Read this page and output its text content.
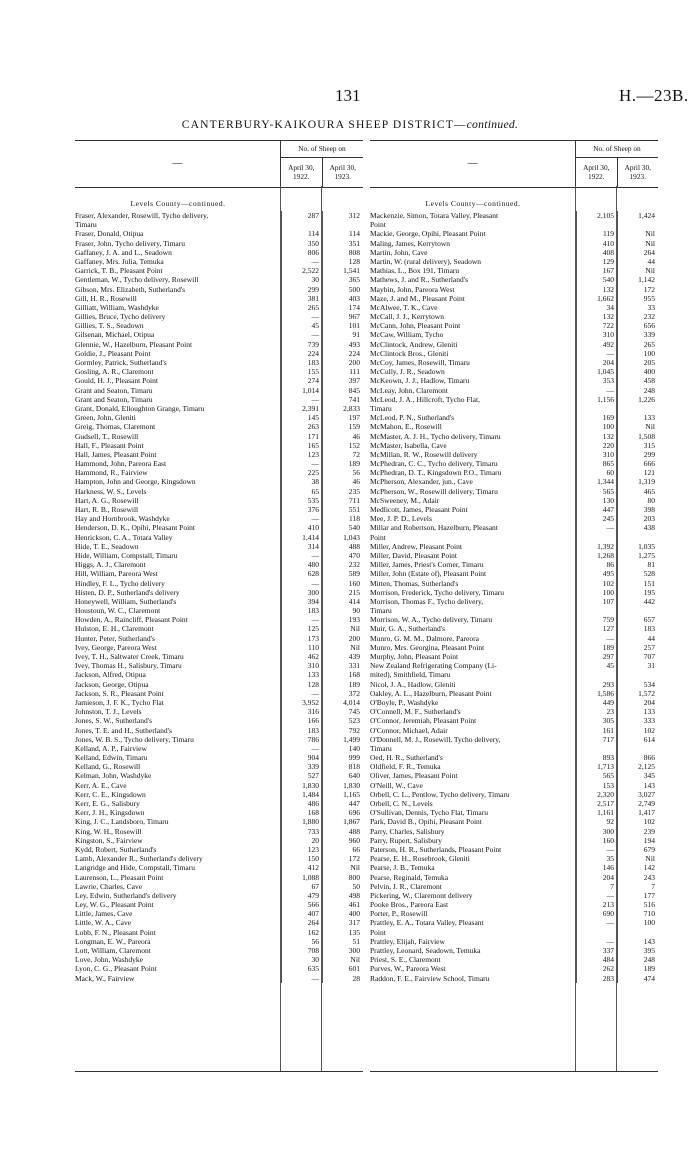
131	H.—23B.
CANTERBURY-KAIKOURA SHEEP DISTRICT—continued.
—
No. of Sheep on
April 30, 1922.
April 30, 1923.
Levels County—continued.
Fraser, Alexander, Rosewill, Tycho delivery,	287	312
Timaru
Fraser, Donald, Otipua	114	114
Fraser, John, Tycho delivery, Timaru	350	351
Gaffaney, J. A. and L., Seadown	806	808
Gaffaney, Mrs. Julia, Temuka	—	128
Garrick, T. B., Pleasant Point	2,522	1,541
Gentleman, W., Tycho delivery, Rosewill	30	365
Gibson, Mrs. Elizabeth, Sutherland's	299	500
Gill, H. R., Rosewill	381	403
Gilliatt, William, Washdyke	265	174
Gillies, Bruce, Tycho delivery	—	967
Gillies, T. S., Seadown	45	101
Gilsenan, Michael, Otipua	—	91
Glennie, W., Hazelburn, Pleasant Point	739	493
Goldie, J., Pleasant Point	224	224
Gormley, Patrick, Sutherland's	183	200
Gosling, A. R., Claremont	155	111
Gould, H. J., Pleasant Point	274	397
Grant and Seaton, Timaru	1,014	845
Grant and Seaton, Timaru	—	741
Grant, Donald, Elloughton Grange, Timaru	2,391	2,833
Green, John, Gleniti	145	197
Greig, Thomas, Claremont	263	159
Gudsell, T., Rosewill	171	46
Hall, F., Pleasant Point	165	152
Hall, James, Pleasant Point	123	72
Hammond, John, Pareora East	—	189
Hammond, R., Fairview	225	56
Hampton, John and George, Kingsdown	38	46
Harkness, W. S., Levels	65	235
Hart, A. G., Rosewill	535	711
Hart, R. B., Rosewill	376	551
Hay and Hornbrook, Washdyke	—	118
Henderson, D. K., Opihi, Pleasant Point	410	540
Henrickson, C. A., Totara Valley	1,414	1,043
Hide, T. E., Seadown	314	488
Hide, William, Compstall, Timaru	—	470
Higgs, A. J., Claremont	480	232
Hill, William, Pareora West	628	589
Hindley, F. L., Tycho delivery	—	160
Histen, D. P., Sutherland's delivery	300	215
Honeywell, William, Sutherland's	394	414
Houstoun, W. C., Claremont	183	90
Howden, A., Raincliff, Pleasant Point	—	193
Hulston, E. H., Claremont	125	Nil
Hunter, Peter, Sutherland's	173	200
Ivey, George, Pareora West	110	Nil
Ivey, T. H., Saltwater Creek, Timaru	462	439
Ivey, Thomas H., Salisbury, Timaru	310	331
Jackson, Alfred, Otipua	133	168
Jackson, George, Otipua	128	189
Jackson, S. R., Pleasant Point	—	372
Jamieson, J. F. K., Tycho Flat	3,952	4,014
Johnston, T. J., Levels	316	745
Jones, S. W., Sutherland's	166	523
Jones, T. E. and H., Sutherland's	183	792
Jones, W. B. S., Tycho delivery, Timaru	786	1,499
Kelland, A. P., Fairview	—	140
Kelland, Edwin, Timaru	904	999
Kelland, G., Rosewill	339	818
Kelman, John, Washdyke	527	640
Kerr, A. E., Cave	1,830	1,830
Kerr, C. E., Kingsdown	1,484	1,165
Kerr, E. G., Salisbury	486	447
Kerr, J. H., Kingsdown	168	696
King, J. C., Landsboro, Timaru	1,880	1,867
King, W. H., Rosewill	733	488
Kingston, S., Fairview	20	960
Kydd, Robert, Sutherland's	123	66
Lamb, Alexander R., Sutherland's delivery	150	172
Langridge and Hide, Compstall, Timaru	412	Nil
Laurenson, L., Pleasant Point	1,088	800
Lawrie, Charles, Cave	67	50
Ley, Edwin, Sutherland's delivery	479	498
Ley, W. G., Pleasant Point	566	461
Little, James, Cave	407	400
Little, W. A., Cave	264	317
Lobb, F. N., Pleasant Point	162	135
Longman, E. W., Pareora	56	51
Lott, William, Claremont	708	300
Love, John, Washdyke	30	Nil
Lyon, C. G., Pleasant Point	635	601
Mack, W., Fairview	—	28
—
No. of Sheep on
April 30, 1922.
April 30, 1923.
Levels County—continued.
Mackenzie, Simon, Totara Valley, Pleasant	2,105	1,424
Point
Mackie, George, Opihi, Pleasant Point	119	Nil
Maling, James, Kerrytown	410	Nil
Martin, John, Cave	408	264
Martin, W. (rural delivery), Seadown	129	44
Mathias, L., Box 191, Timaru	167	Nil
Mathews, J. and R., Sutherland's	540	1,142
Maybin, John, Pareora West	132	172
Maze, J. and M., Pleasant Point	1,662	955
McAlwee, T. K., Cave	34	33
McCall, J. J., Kerrytown	132	232
McCann, John, Pleasant Point	722	656
McCaw, William, Tycho	310	339
McClintock, Andrew, Gleniti	492	265
McClintock Bros., Gleniti	—	100
McCoy, James, Rosewill, Timaru	204	205
McCully, J. R., Seadown	1,045	400
McKeown, J. J., Hadlow, Timaru	353	458
McLeay, John, Claremont	—	248
McLeod, J. A., Hillcroft, Tycho Flat,	1,156	1,226
Timaru
McLeod, P. N., Sutherland's	169	133
McMahon, E., Rosewill	100	Nil
McMaster, A. J. H., Tycho delivery, Timaru	132	1,508
McMaster, Isabella, Cave	220	315
McMillan, R. W., Rosewill delivery	310	299
McPhedran, C. C., Tycho delivery, Timaru	865	666
McPhedran, D. T., Kingsdown P.O., Timaru	60	121
McPherson, Alexander, jun., Cave	1,344	1,319
McPherson, W., Rosewill delivery, Timaru	565	465
McSweeney, M., Adair	130	80
Medlicott, James, Pleasant Point	447	398
Mee, J. P. D., Levels	245	203
Millar and Robertson, Hazelburn, Pleasant	—	438
Point
Miller, Andrew, Pleasant Point	1,392	1,035
Miller, David, Pleasant Point	1,268	1,275
Miller, James, Priest's Corner, Timaru	86	81
Miller, John (Estate of), Pleasant Point	495	528
Mitten, Thomas, Sutherland's	102	151
Morrison, Frederick, Tycho delivery, Timaru	100	195
Morrison, Thomas F., Tycho delivery,	107	442
Timaru
Morrison, W. A., Tycho delivery, Timaru	759	657
Muir, G. A., Sutherland's	127	183
Munro, G. M. M., Dalmore, Pareora	—	44
Munro, Mrs. Georgina, Pleasant Point	189	257
Murphy, John, Pleasant Point	297	707
New Zealand Refrigerating Company (Li-	45	31
mited), Smithfield, Timaru
Nicol, J. A., Hadlow, Gleniti	293	534
Oakley, A. L., Hazelburn, Pleasant Point	1,586	1,572
O'Boyle, P., Washdyke	449	204
O'Connell, M. F., Sutherland's	23	133
O'Connor, Jeremiah, Pleasant Point	305	333
O'Connor, Michael, Adair	161	102
O'Donnell, M. J., Rosewill, Tycho delivery,	717	614
Timaru
Oed, H. R., Sutherland's	893	866
Oldfield, F. R., Temuka	1,713	2,125
Oliver, James, Pleasant Point	565	345
O'Neill, W., Cave	153	143
Orbell, C. L., Pentlow, Tycho delivery, Timaru	2,320	3,027
Orbell, C. N., Levels	2,517	2,749
O'Sullivan, Dennis, Tycho Flat, Timaru	1,161	1,417
Park, David B., Opihi, Pleasant Point	92	102
Parry, Charles, Salisbury	300	239
Parry, Rupert, Salisbury	160	194
Paterson, H. R., Sutherlands, Pleasant Point	—	679
Pearse, E. H., Rosebrook, Gleniti	35	Nil
Pearse, J. B., Temuka	146	142
Pearse, Reginald, Temuka	204	243
Pelvin, J. R., Claremont	7	7
Pickering, W., Claremont delivery	—	177
Pooke Bros., Pareora East	213	516
Porter, P., Rosewill	690	710
Prattley, E. A., Totara Valley, Pleasant	—	100
Point
Prattley, Elijah, Fairview	—	143
Prattley, Leonard, Seadown, Temuka	337	395
Priest, S. E., Claremont	484	248
Purves, W., Pareora West	262	189
Raddon, F. E., Fairview School, Timaru	283	474
